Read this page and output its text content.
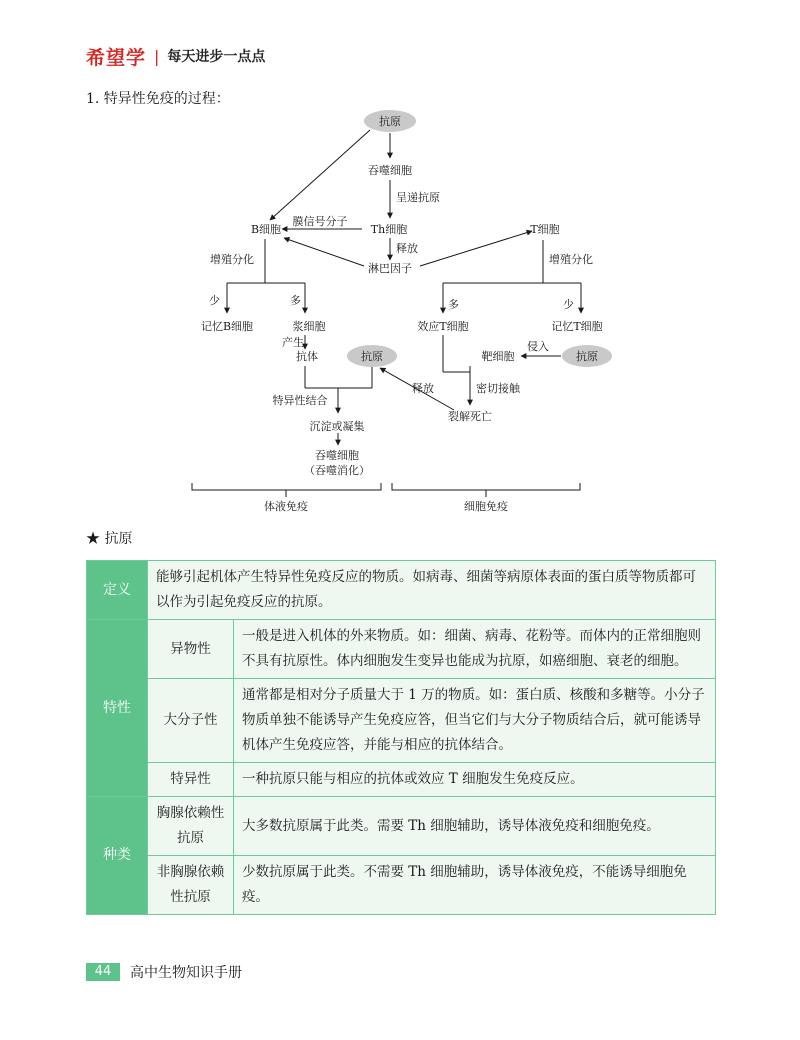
希望学 | 每天进步一点点
1. 特异性免疫的过程：
抗原
吞噬细胞
呈递抗原
B细胞
膜信号分子
Th细胞
释放
淋巴因子
T细胞
增殖分化	增殖分化
少	多	多	少
记忆B细胞	浆细胞	效应T细胞	记忆T细胞
产生
抗体	抗原	靶细胞
侵入
抗原
释放	密切接触
特异性结合
裂解死亡
沉淀或凝集
吞噬细胞
（吞噬消化）
体液免疫	细胞免疫
★ 抗原
定义	能够引起机体产生特异性免疫反应的物质。如病毒、细菌等病原体表面的蛋白质等物质都可以作为引起免疫反应的抗原。	
特性	异物性	一般是进入机体的外来物质。如：细菌、病毒、花粉等。而体内的正常细胞则不具有抗原性。体内细胞发生变异也能成为抗原，如癌细胞、衰老的细胞。
	大分子性	通常都是相对分子质量大于 1 万的物质。如：蛋白质、核酸和多糖等。小分子物质单独不能诱导产生免疫应答，但当它们与大分子物质结合后，就可能诱导机体产生免疫应答，并能与相应的抗体结合。
	特异性	一种抗原只能与相应的抗体或效应 T 细胞发生免疫反应。
种类	胸腺依赖性抗原	大多数抗原属于此类。需要 Th 细胞辅助，诱导体液免疫和细胞免疫。
	非胸腺依赖性抗原	少数抗原属于此类。不需要 Th 细胞辅助，诱导体液免疫，不能诱导细胞免疫。
44	高中生物知识手册
